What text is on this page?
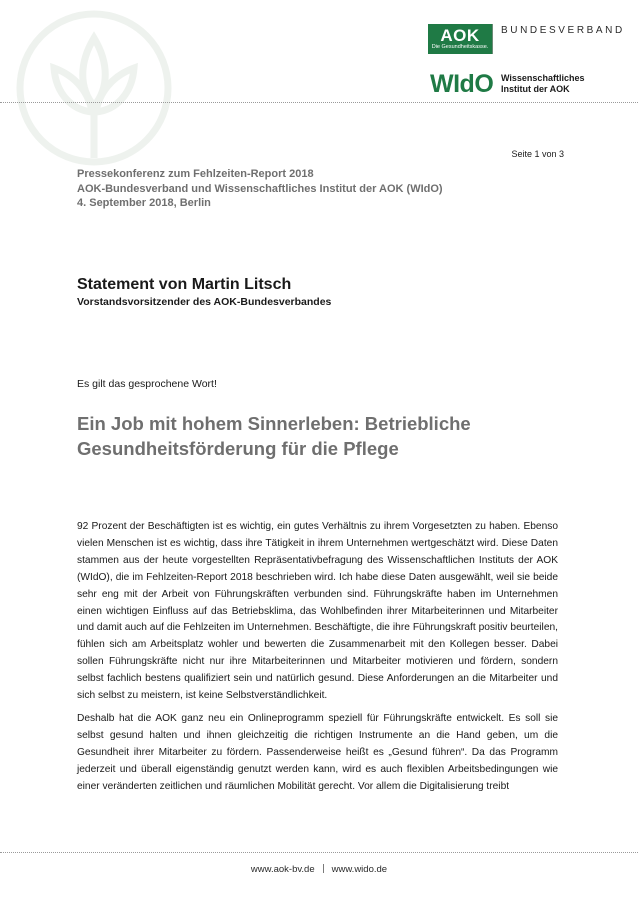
AOK
Die Gesundheitskasse.
BUNDESVERBAND
WIdO Wissenschaftliches
Institut der AOK
Seite 1 von 3
Pressekonferenz zum Fehlzeiten-Report 2018
AOK-Bundesverband und Wissenschaftliches Institut der AOK (WIdO)
4. September 2018, Berlin
Statement von Martin Litsch
Vorstandsvorsitzender des AOK-Bundesverbandes
Es gilt das gesprochene Wort!
Ein Job mit hohem Sinnerleben: Betriebliche
Gesundheitsförderung für die Pflege

92 Prozent der Beschäftigten ist es wichtig, ein gutes Verhältnis zu ihrem Vorgesetzten zu haben. Ebenso vielen Menschen ist es wichtig, dass ihre Tätigkeit in ihrem Unternehmen wertgeschätzt wird. Diese Daten stammen aus der heute vorgestellten Repräsentativbefragung des Wissenschaftlichen Instituts der AOK (WIdO), die im Fehlzeiten-Report 2018 beschrieben wird. Ich habe diese Daten ausgewählt, weil sie beide sehr eng mit der Arbeit von Führungskräften verbunden sind. Führungskräfte haben im Unternehmen einen wichtigen Einfluss auf das Betriebsklima, das Wohlbefinden ihrer Mitarbeiterinnen und Mitarbeiter und damit auch auf die Fehlzeiten im Unternehmen. Beschäftigte, die ihre Führungskraft positiv beurteilen, fühlen sich am Arbeitsplatz wohler und bewerten die Zusammenarbeit mit den Kollegen besser. Dabei sollen Führungskräfte nicht nur ihre Mitarbeiterinnen und Mitarbeiter motivieren und fördern, sondern selbst fachlich bestens qualifiziert sein und natürlich gesund. Diese Anforderungen an die Mitarbeiter und sich selbst zu meistern, ist keine Selbstverständlichkeit.

Deshalb hat die AOK ganz neu ein Onlineprogramm speziell für Führungskräfte entwickelt. Es soll sie selbst gesund halten und ihnen gleichzeitig die richtigen Instrumente an die Hand geben, um die Gesundheit ihrer Mitarbeiter zu fördern. Passenderweise heißt es „Gesund führen“. Da das Programm jederzeit und überall eigenständig genutzt werden kann, wird es auch flexiblen Arbeitsbedingungen wie einer veränderten zeitlichen und räumlichen Mobilität gerecht. Vor allem die Digitalisierung treibt

www.aok-bv.de www.wido.de
